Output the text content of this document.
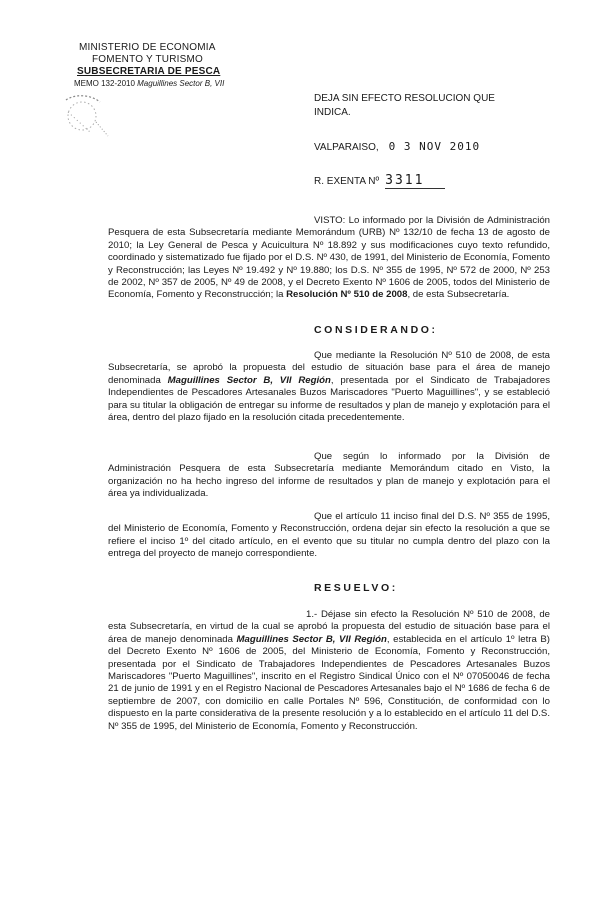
MINISTERIO DE ECONOMIA
FOMENTO Y TURISMO
SUBSECRETARIA DE PESCA
MEMO 132-2010 Maguillines Sector B, VII
DEJA SIN EFECTO RESOLUCION QUE INDICA.
VALPARAISO, 0 3 NOV 2010
R. EXENTA Nº 3311
VISTO: Lo informado por la División de Administración Pesquera de esta Subsecretaría mediante Memorándum (URB) Nº 132/10 de fecha 13 de agosto de 2010; la Ley General de Pesca y Acuicultura Nº 18.892 y sus modificaciones cuyo texto refundido, coordinado y sistematizado fue fijado por el D.S. Nº 430, de 1991, del Ministerio de Economía, Fomento y Reconstrucción; las Leyes Nº 19.492 y Nº 19.880; los D.S. Nº 355 de 1995, Nº 572 de 2000, Nº 253 de 2002, Nº 357 de 2005, Nº 49 de 2008, y el Decreto Exento Nº 1606 de 2005, todos del Ministerio de Economía, Fomento y Reconstrucción; la Resolución Nº 510 de 2008, de esta Subsecretaría.
CONSIDERANDO:
Que mediante la Resolución Nº 510 de 2008, de esta Subsecretaría, se aprobó la propuesta del estudio de situación base para el área de manejo denominada Maguillines Sector B, VII Región, presentada por el Sindicato de Trabajadores Independientes de Pescadores Artesanales Buzos Mariscadores "Puerto Maguillines", y se estableció para su titular la obligación de entregar su informe de resultados y plan de manejo y explotación para el área, dentro del plazo fijado en la resolución citada precedentemente.
Que según lo informado por la División de Administración Pesquera de esta Subsecretaría mediante Memorándum citado en Visto, la organización no ha hecho ingreso del informe de resultados y plan de manejo y explotación para el área ya individualizada.
Que el artículo 11 inciso final del D.S. Nº 355 de 1995, del Ministerio de Economía, Fomento y Reconstrucción, ordena dejar sin efecto la resolución a que se refiere el inciso 1º del citado artículo, en el evento que su titular no cumpla dentro del plazo con la entrega del proyecto de manejo correspondiente.
RESUELVO:
1.- Déjase sin efecto la Resolución Nº 510 de 2008, de esta Subsecretaría, en virtud de la cual se aprobó la propuesta del estudio de situación base para el área de manejo denominada Maguillines Sector B, VII Región, establecida en el artículo 1º letra B) del Decreto Exento Nº 1606 de 2005, del Ministerio de Economía, Fomento y Reconstrucción, presentada por el Sindicato de Trabajadores Independientes de Pescadores Artesanales Buzos Mariscadores "Puerto Maguillines", inscrito en el Registro Sindical Único con el Nº 07050046 de fecha 21 de junio de 1991 y en el Registro Nacional de Pescadores Artesanales bajo el Nº 1686 de fecha 6 de septiembre de 2007, con domicilio en calle Portales Nº 596, Constitución, de conformidad con lo dispuesto en la parte considerativa de la presente resolución y a lo establecido en el artículo 11 del D.S. Nº 355 de 1995, del Ministerio de Economía, Fomento y Reconstrucción.
